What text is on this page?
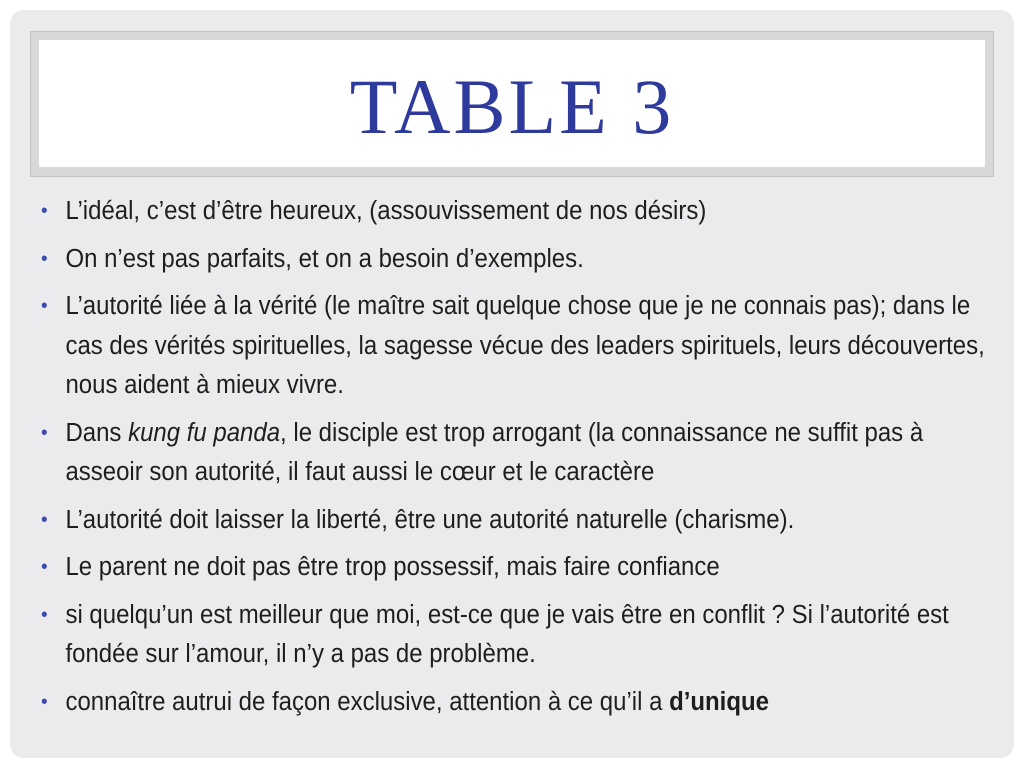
TABLE 3
• L’idéal, c’est d’être heureux, (assouvissement de nos désirs)
• On n’est pas parfaits, et on a besoin d’exemples.
• L’autorité liée à la vérité (le maître sait quelque chose que je ne connais pas); dans le cas des vérités spirituelles, la sagesse vécue des leaders spirituels, leurs découvertes, nous aident à mieux vivre.
• Dans kung fu panda, le disciple est trop arrogant (la connaissance ne suffit pas à asseoir son autorité, il faut aussi le cœur et le caractère
• L’autorité doit laisser la liberté, être une autorité naturelle (charisme).
• Le parent ne doit pas être trop possessif, mais faire confiance
• si quelqu’un est meilleur que moi, est-ce que je vais être en conflit ? Si l’autorité est fondée sur l’amour, il n’y a pas de problème.
• connaître autrui de façon exclusive, attention à ce qu’il a d’unique
